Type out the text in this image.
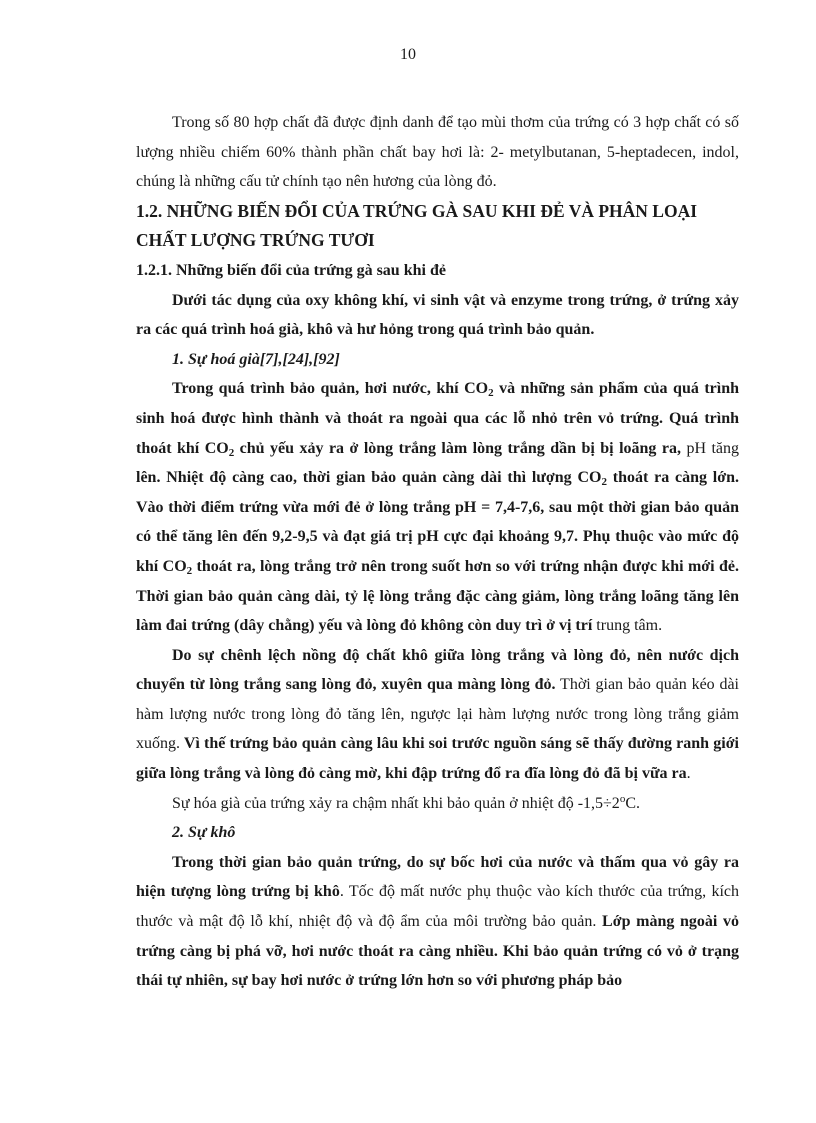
10

Trong số 80 hợp chất đã được định danh để tạo mùi thơm của trứng có 3 hợp chất có số lượng nhiều chiếm 60% thành phần chất bay hơi là: 2- metylbutanan, 5-heptadecen, indol, chúng là những cấu tử chính tạo nên hương của lòng đỏ.

1.2. NHỮNG BIẾN ĐỔI CỦA TRỨNG GÀ SAU KHI ĐẺ VÀ PHÂN LOẠI CHẤT LƯỢNG TRỨNG TƯƠI

1.2.1. Những biến đổi của trứng gà sau khi đẻ

Dưới tác dụng của oxy không khí, vi sinh vật và enzyme trong trứng, ở trứng xảy ra các quá trình hoá già, khô và hư hỏng trong quá trình bảo quản.

1. Sự hoá già[7],[24],[92]

Trong quá trình bảo quản, hơi nước, khí $CO_2$ và những sản phẩm của quá trình sinh hoá được hình thành và thoát ra ngoài qua các lỗ nhỏ trên vỏ trứng. Quá trình thoát khí $CO_2$ chủ yếu xảy ra ở lòng trắng làm lòng trắng dần bị bị loãng ra, pH tăng lên. Nhiệt độ càng cao, thời gian bảo quản càng dài thì lượng $CO_2$ thoát ra càng lớn. Vào thời điểm trứng vừa mới đẻ ở lòng trắng pH = 7,4-7,6, sau một thời gian bảo quản có thể tăng lên đến 9,2-9,5 và đạt giá trị pH cực đại khoảng 9,7. Phụ thuộc vào mức độ khí $CO_2$ thoát ra, lòng trắng trở nên trong suốt hơn so với trứng nhận được khi mới đẻ. Thời gian bảo quản càng dài, tỷ lệ lòng trắng đặc càng giảm, lòng trắng loãng tăng lên làm đai trứng (dây chằng) yếu và lòng đỏ không còn duy trì ở vị trí trung tâm.

Do sự chênh lệch nồng độ chất khô giữa lòng trắng và lòng đỏ, nên nước dịch chuyển từ lòng trắng sang lòng đỏ, xuyên qua màng lòng đỏ. Thời gian bảo quản kéo dài hàm lượng nước trong lòng đỏ tăng lên, ngược lại hàm lượng nước trong lòng trắng giảm xuống. Vì thế trứng bảo quản càng lâu khi soi trước nguồn sáng sẽ thấy đường ranh giới giữa lòng trắng và lòng đỏ càng mờ, khi đập trứng đổ ra đĩa lòng đỏ đã bị vữa ra.

Sự hóa già của trứng xảy ra chậm nhất khi bảo quản ở nhiệt độ $-1,5\div 2^oC$.

2. Sự khô

Trong thời gian bảo quản trứng, do sự bốc hơi của nước và thấm qua vỏ gây ra hiện tượng lòng trứng bị khô. Tốc độ mất nước phụ thuộc vào kích thước của trứng, kích thước và mật độ lỗ khí, nhiệt độ và độ ẩm của môi trường bảo quản. Lớp màng ngoài vỏ trứng càng bị phá vỡ, hơi nước thoát ra càng nhiều. Khi bảo quản trứng có vỏ ở trạng thái tự nhiên, sự bay hơi nước ở trứng lớn hơn so với phương pháp bảo
